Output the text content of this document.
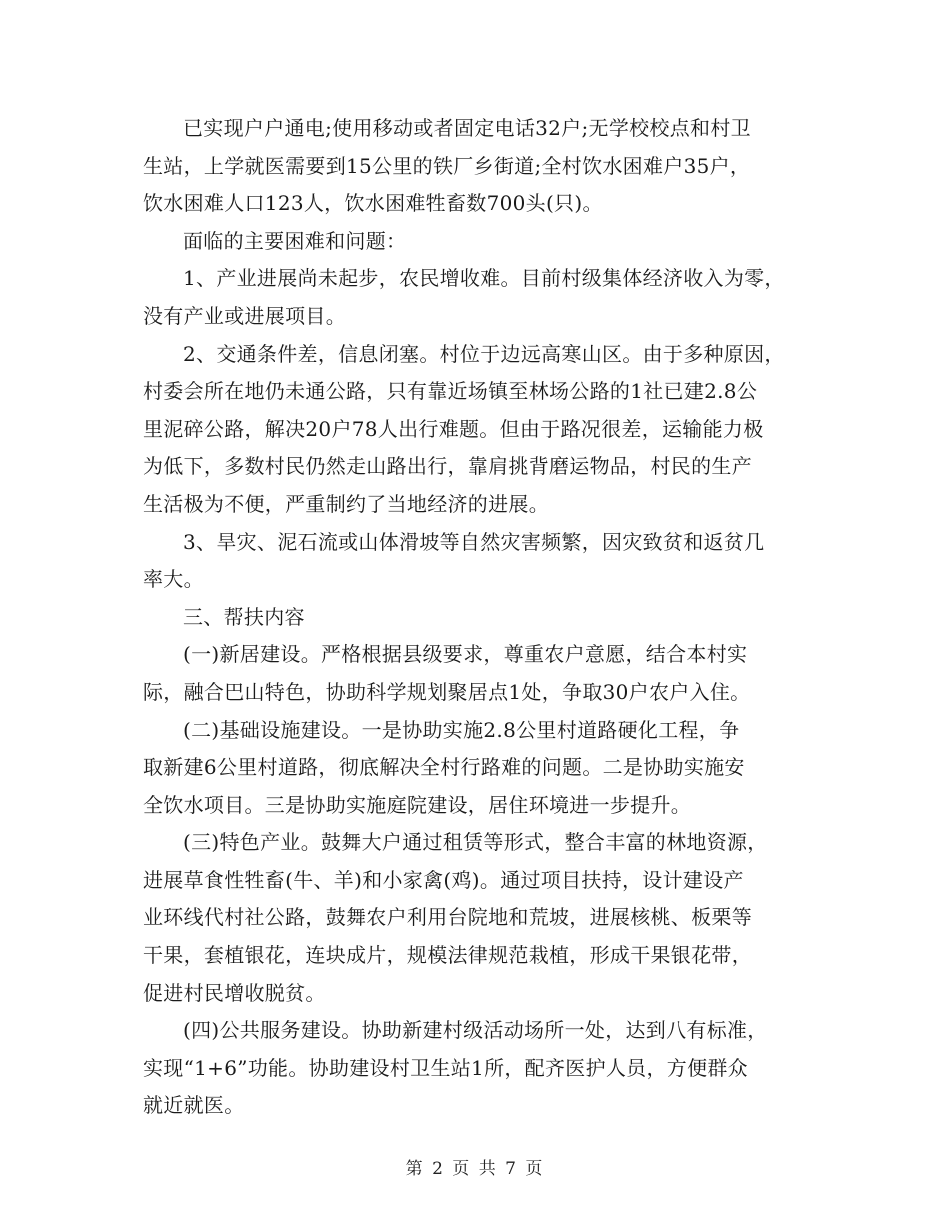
已实现户户通电;使用移动或者固定电话32户;无学校校点和村卫
生站，上学就医需要到15公里的铁厂乡街道;全村饮水困难户35户，
饮水困难人口123人，饮水困难牲畜数700头(只)。

面临的主要困难和问题：

1、产业进展尚未起步，农民增收难。目前村级集体经济收入为零，
没有产业或进展项目。

2、交通条件差，信息闭塞。村位于边远高寒山区。由于多种原因，
村委会所在地仍未通公路，只有靠近场镇至林场公路的1社已建2.8公
里泥碎公路，解决20户78人出行难题。但由于路况很差，运输能力极
为低下，多数村民仍然走山路出行，靠肩挑背磨运物品，村民的生产
生活极为不便，严重制约了当地经济的进展。

3、旱灾、泥石流或山体滑坡等自然灾害频繁，因灾致贫和返贫几
率大。

三、帮扶内容

(一)新居建设。严格根据县级要求，尊重农户意愿，结合本村实
际，融合巴山特色，协助科学规划聚居点1处，争取30户农户入住。

(二)基础设施建设。一是协助实施2.8公里村道路硬化工程，争
取新建6公里村道路，彻底解决全村行路难的问题。二是协助实施安
全饮水项目。三是协助实施庭院建设，居住环境进一步提升。

(三)特色产业。鼓舞大户通过租赁等形式，整合丰富的林地资源，
进展草食性牲畜(牛、羊)和小家禽(鸡)。通过项目扶持，设计建设产
业环线代村社公路，鼓舞农户利用台院地和荒坡，进展核桃、板栗等
干果，套植银花，连块成片，规模法律规范栽植，形成干果银花带，
促进村民增收脱贫。

(四)公共服务建设。协助新建村级活动场所一处，达到八有标准，
实现“1+6”功能。协助建设村卫生站1所，配齐医护人员，方便群众
就近就医。

第 2 页 共 7 页
